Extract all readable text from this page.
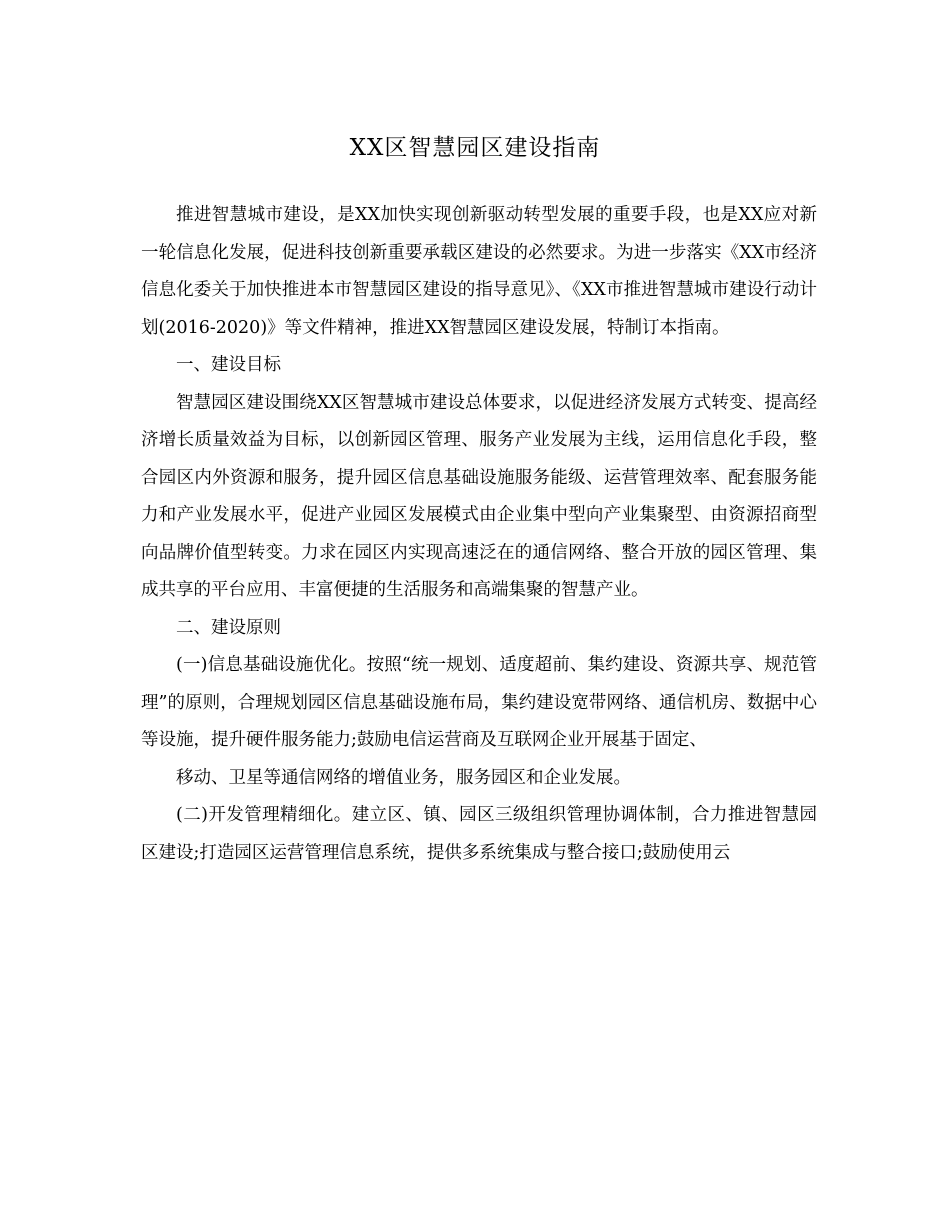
XX区智慧园区建设指南

推进智慧城市建设，是XX加快实现创新驱动转型发展的重要手段，也是XX应对新一轮信息化发展，促进科技创新重要承载区建设的必然要求。为进一步落实《XX市经济信息化委关于加快推进本市智慧园区建设的指导意见》、《XX市推进智慧城市建设行动计划(2016-2020)》等文件精神，推进XX智慧园区建设发展，特制订本指南。

一、建设目标

智慧园区建设围绕XX区智慧城市建设总体要求，以促进经济发展方式转变、提高经济增长质量效益为目标，以创新园区管理、服务产业发展为主线，运用信息化手段，整合园区内外资源和服务，提升园区信息基础设施服务能级、运营管理效率、配套服务能力和产业发展水平，促进产业园区发展模式由企业集中型向产业集聚型、由资源招商型向品牌价值型转变。力求在园区内实现高速泛在的通信网络、整合开放的园区管理、集成共享的平台应用、丰富便捷的生活服务和高端集聚的智慧产业。

二、建设原则

(一)信息基础设施优化。按照“统一规划、适度超前、集约建设、资源共享、规范管理”的原则，合理规划园区信息基础设施布局，集约建设宽带网络、通信机房、数据中心等设施，提升硬件服务能力;鼓励电信运营商及互联网企业开展基于固定、

移动、卫星等通信网络的增值业务，服务园区和企业发展。

(二)开发管理精细化。建立区、镇、园区三级组织管理协调体制，合力推进智慧园区建设;打造园区运营管理信息系统，提供多系统集成与整合接口;鼓励使用云
